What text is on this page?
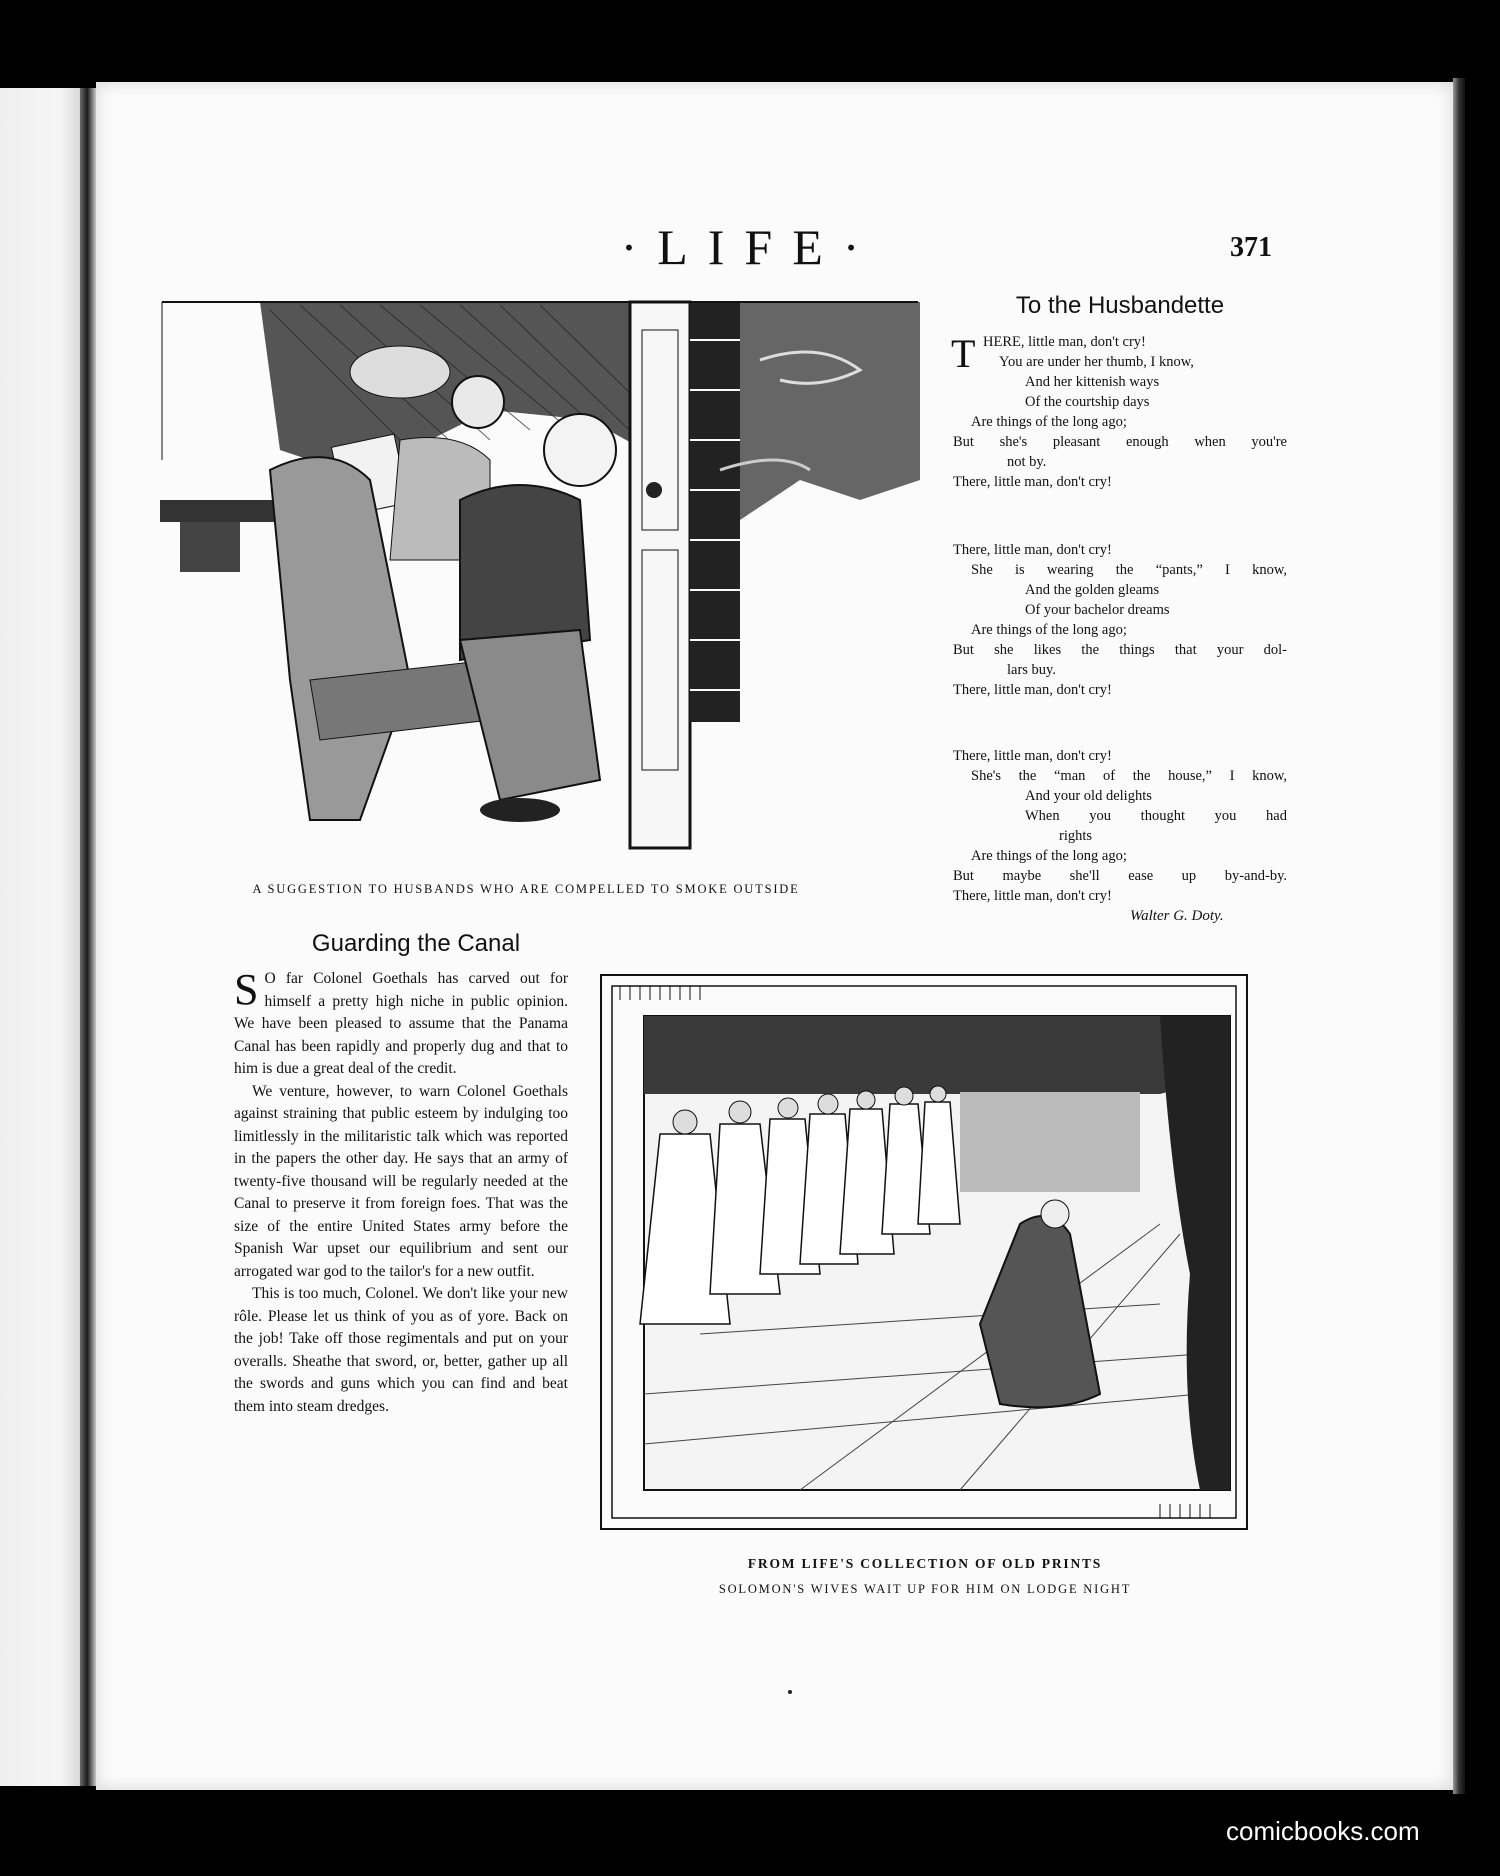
·LIFE·	371
A SUGGESTION TO HUSBANDS WHO ARE COMPELLED TO SMOKE OUTSIDE
To the Husbandette
T HERE, little man, don't cry!
You are under her thumb, I know,
And her kittenish ways
Of the courtship days
Are things of the long ago;
But she's pleasant enough when you're
not by.
There, little man, don't cry!
There, little man, don't cry!
She is wearing the “pants,” I know,
And the golden gleams
Of your bachelor dreams
Are things of the long ago;
But she likes the things that your dol-
lars buy.
There, little man, don't cry!
There, little man, don't cry!
She's the “man of the house,” I know,
And your old delights
When you thought you had
rights
Are things of the long ago;
But maybe she'll ease up by-and-by.
There, little man, don't cry!
Walter G. Doty.
Guarding the Canal

S O far Colonel Goethals has carved out for himself a pretty high niche in public opinion. We have been pleased to assume that the Panama Canal has been rapidly and properly dug and that to him is due a great deal of the credit.

We venture, however, to warn Colonel Goethals against straining that public esteem by indulging too limitlessly in the militaristic talk which was reported in the papers the other day. He says that an army of twenty-five thousand will be regularly needed at the Canal to preserve it from foreign foes. That was the size of the entire United States army before the Spanish War upset our equilibrium and sent our arrogated war god to the tailor's for a new outfit.

This is too much, Colonel. We don't like your new rôle. Please let us think of you as of yore. Back on the job! Take off those regimentals and put on your overalls. Sheathe that sword, or, better, gather up all the swords and guns which you can find and beat them into steam dredges.

FROM LIFE'S COLLECTION OF OLD PRINTS
SOLOMON'S WIVES WAIT UP FOR HIM ON LODGE NIGHT
comicbooks.com
